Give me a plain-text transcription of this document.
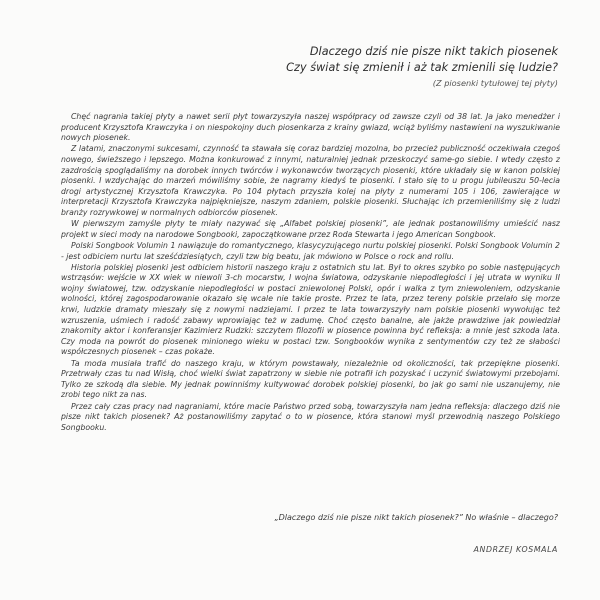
Dlaczego dziś nie pisze nikt takich piosenek
Czy świat się zmienił i aż tak zmienili się ludzie?
(Z piosenki tytułowej tej płyty)

Chęć nagrania takiej płyty a nawet serii płyt towarzyszyła naszej współpracy od zawsze czyli od 38 lat. Ja jako menedżer i producent Krzysztofa Krawczyka i on niespokojny duch piosenkarza z krainy gwiazd, wciąż byliśmy nastawieni na wyszukiwanie nowych piosenek.

Z latami, znaczonymi sukcesami, czynność ta stawała się coraz bardziej mozolna, bo przecież publiczność oczekiwała czegoś nowego, świeższego i lepszego. Można konkurować z innymi, naturalniej jednak przeskoczyć same-go siebie. I wtedy często z zazdrością spoglądaliśmy na dorobek innych twórców i wykonawców tworzących piosenki, które układały się w kanon polskiej piosenki. I wzdychając do marzeń mówiliśmy sobie, że nagramy kiedyś te piosenki. I stało się to u progu jubileuszu 50-lecia drogi artystycznej Krzysztofa Krawczyka. Po 104 płytach przyszła kolej na płyty z numerami 105 i 106, zawierające w interpretacji Krzysztofa Krawczyka najpiękniejsze, naszym zdaniem, polskie piosenki. Słuchając ich przemieniliśmy się z ludzi branży rozrywkowej w normalnych odbiorców piosenek.

W pierwszym zamyśle płyty te miały nazywać się „Alfabet polskiej piosenki”, ale jednak postanowiliśmy umieścić nasz projekt w sieci mody na narodowe Songbooki, zapoczątkowane przez Roda Stewarta i jego American Songbook.

Polski Songbook Volumin 1 nawiązuje do romantycznego, klasycyzującego nurtu polskiej piosenki. Polski Songbook Volumin 2 - jest odbiciem nurtu lat sześćdziesiątych, czyli tzw big beatu, jak mówiono w Polsce o rock and rollu.

Historia polskiej piosenki jest odbiciem historii naszego kraju z ostatnich stu lat. Był to okres szybko po sobie następujących wstrząsów: wejście w XX wiek w niewoli 3-ch mocarstw, I wojna światowa, odzyskanie niepodległości i jej utrata w wyniku II wojny światowej, tzw. odzyskanie niepodległości w postaci zniewolonej Polski, opór i walka z tym zniewoleniem, odzyskanie wolności, której zagospodarowanie okazało się wcale nie takie proste. Przez te lata, przez tereny polskie przelało się morze krwi, ludzkie dramaty mieszały się z nowymi nadziejami. I przez te lata towarzyszyły nam polskie piosenki wywołując też wzruszenia, uśmiech i radość zabawy wprowiając też w zadumę. Choć często banalne, ale jakże prawdziwe jak powiedział znakomity aktor i konferansjer Kazimierz Rudzki: szczytem filozofii w piosence powinna być refleksja: a mnie jest szkoda lata. Czy moda na powrót do piosenek minionego wieku w postaci tzw. Songbooków wynika z sentymentów czy też ze słabości współczesnych piosenek – czas pokaże.

Ta moda musiała trafić do naszego kraju, w którym powstawały, niezależnie od okoliczności, tak przepiękne piosenki. Przetrwały czas tu nad Wisłą, choć wielki świat zapatrzony w siebie nie potrafił ich pozyskać i uczynić światowymi przebojami. Tylko ze szkodą dla siebie. My jednak powinniśmy kultywować dorobek polskiej piosenki, bo jak go sami nie uszanujemy, nie zrobi tego nikt za nas.

Przez cały czas pracy nad nagraniami, które macie Państwo przed sobą, towarzyszyła nam jedna refleksja: dlaczego dziś nie pisze nikt takich piosenek? Aż postanowiliśmy zapytać o to w piosence, która stanowi myśl przewodnią naszego Polskiego Songbooku.

„Dlaczego dziś nie pisze nikt takich piosenek?” No właśnie – dlaczego?
ANDRZEJ KOSMALA
